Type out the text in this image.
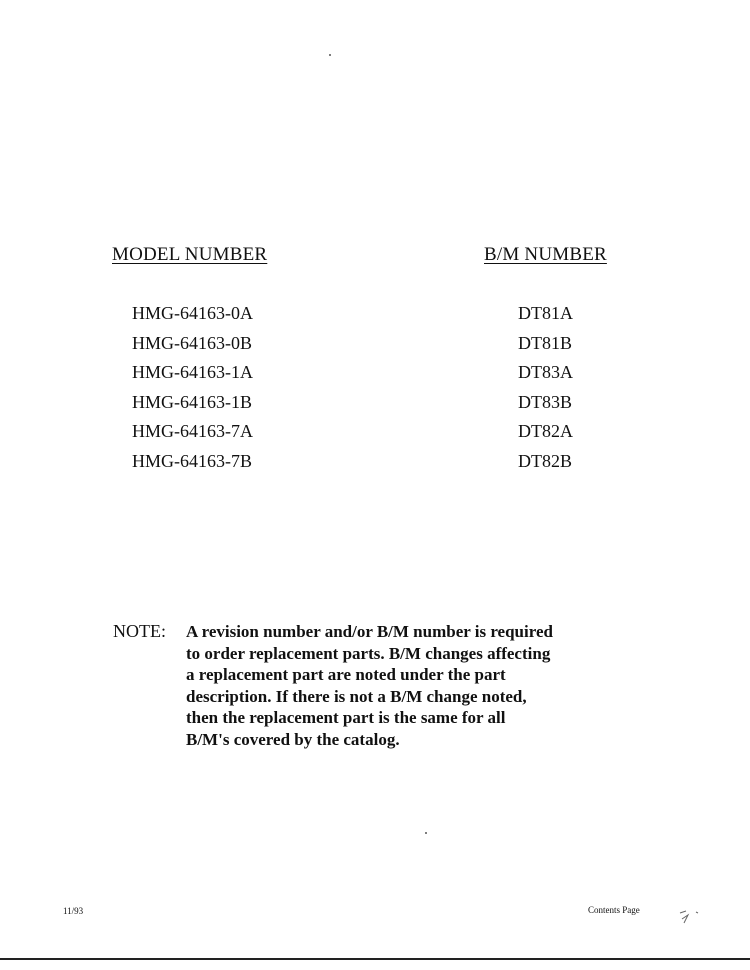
MODEL NUMBER	B/M NUMBER
HMG-64163-0A	DT81A
HMG-64163-0B	DT81B
HMG-64163-1A	DT83A
HMG-64163-1B	DT83B
HMG-64163-7A	DT82A
HMG-64163-7B	DT82B
NOTE: A revision number and/or B/M number is required
to order replacement parts. B/M changes affecting
a replacement part are noted under the part
description. If there is not a B/M change noted,
then the replacement part is the same for all
B/M's covered by the catalog.
11/93	Contents Page
